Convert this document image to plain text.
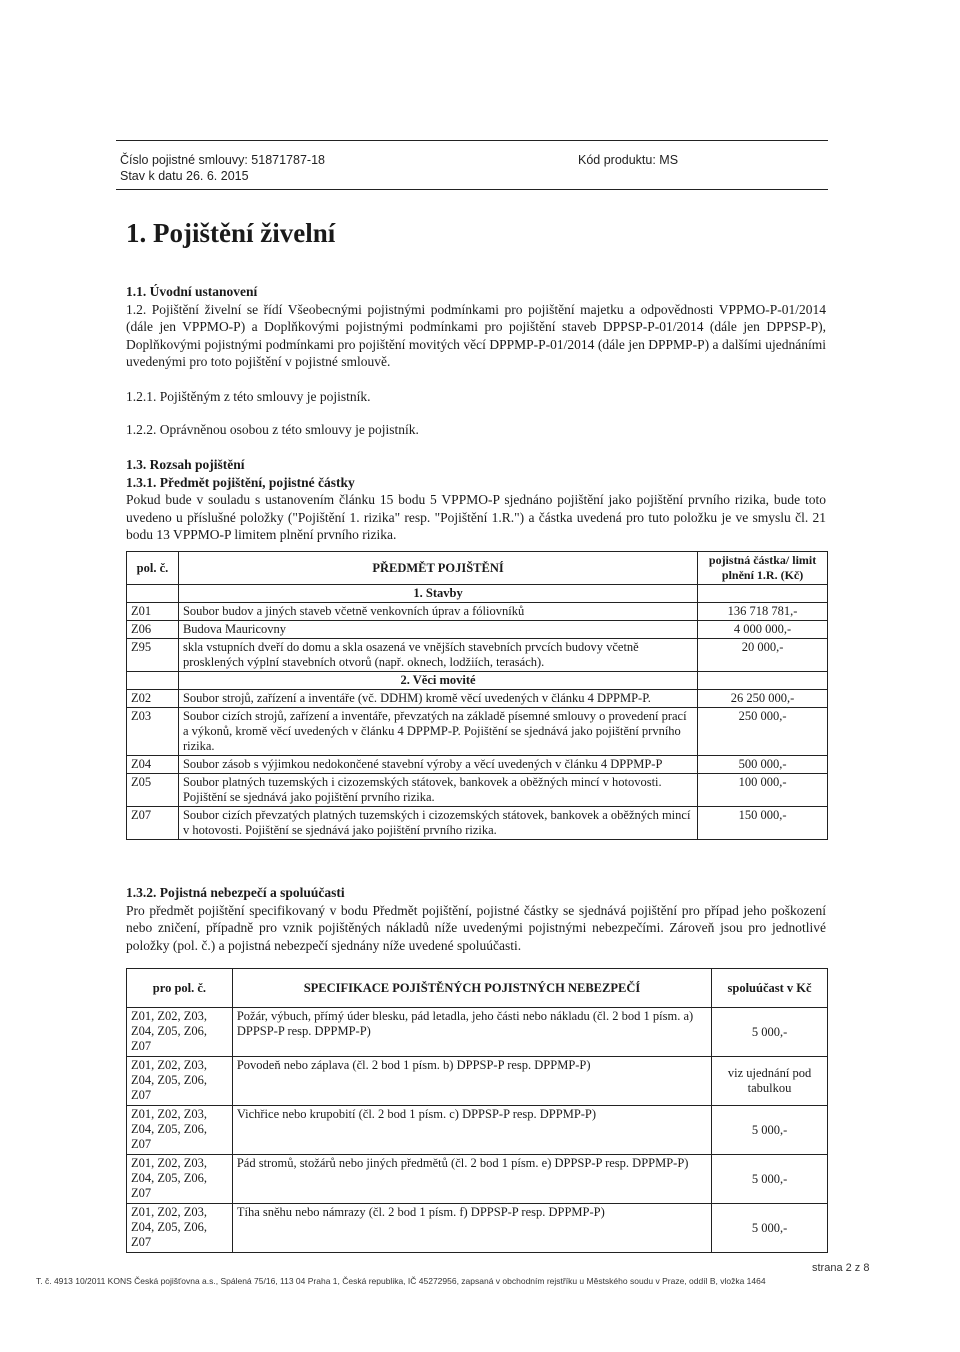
Číslo pojistné smlouvy: 51871787-18
Stav k datu 26. 6. 2015
Kód produktu: MS
1. Pojištění živelní

1.1. Úvodní ustanovení

1.2. Pojištění živelní se řídí Všeobecnými pojistnými podmínkami pro pojištění majetku a odpovědnosti VPPMO-P-01/2014 (dále jen VPPMO-P) a Doplňkovými pojistnými podmínkami pro pojištění staveb DPPSP-P-01/2014 (dále jen DPPSP-P), Doplňkovými pojistnými podmínkami pro pojištění movitých věcí DPPMP-P-01/2014 (dále jen DPPMP-P) a dalšími ujednáními uvedenými pro toto pojištění v pojistné smlouvě.

1.2.1. Pojištěným z této smlouvy je pojistník.

1.2.2. Oprávněnou osobou z této smlouvy je pojistník.

1.3. Rozsah pojištění

1.3.1. Předmět pojištění, pojistné částky

Pokud bude v souladu s ustanovením článku 15 bodu 5 VPPMO-P sjednáno pojištění jako pojištění prvního rizika, bude toto uvedeno u příslušné položky ("Pojištění 1. rizika" resp. "Pojištění 1.R.") a částka uvedená pro tuto položku je ve smyslu čl. 21 bodu 13 VPPMO-P limitem plnění prvního rizika.

pol. č.	PŘEDMĚT POJIŠTĚNÍ	pojistná částka/ limit plnění 1.R. (Kč)
	1. Stavby	
Z01	Soubor budov a jiných staveb včetně venkovních úprav a fóliovníků	136 718 781,-
Z06	Budova Mauricovny	4 000 000,-
Z95	skla vstupních dveří do domu a skla osazená ve vnějších stavebních prvcích budovy včetně prosklených výplní stavebních otvorů (např. oknech, lodžiích, terasách).	20 000,-
	2. Věci movité	
Z02	Soubor strojů, zařízení a inventáře (vč. DDHM) kromě věcí uvedených v článku 4 DPPMP-P.	26 250 000,-
Z03	Soubor cizích strojů, zařízení a inventáře, převzatých na základě písemné smlouvy o provedení prací a výkonů, kromě věcí uvedených v článku 4 DPPMP-P. Pojištění se sjednává jako pojištění prvního rizika.	250 000,-
Z04	Soubor zásob s výjimkou nedokončené stavební výroby a věcí uvedených v článku 4 DPPMP-P	500 000,-
Z05	Soubor platných tuzemských i cizozemských státovek, bankovek a oběžných mincí v hotovosti. Pojištění se sjednává jako pojištění prvního rizika.	100 000,-
Z07	Soubor cizích převzatých platných tuzemských i cizozemských státovek, bankovek a oběžných mincí v hotovosti. Pojištění se sjednává jako pojištění prvního rizika.	150 000,-

1.3.2. Pojistná nebezpečí a spoluúčasti

Pro předmět pojištění specifikovaný v bodu Předmět pojištění, pojistné částky se sjednává pojištění pro případ jeho poškození nebo zničení, případně pro vznik pojištěných nákladů níže uvedenými pojistnými nebezpečími. Zároveň jsou pro jednotlivé položky (pol. č.) a pojistná nebezpečí sjednány níže uvedené spoluúčasti.

pro pol. č.	SPECIFIKACE POJIŠTĚNÝCH POJISTNÝCH NEBEZPEČÍ	spoluúčast v Kč
Z01, Z02, Z03, Z04, Z05, Z06, Z07	Požár, výbuch, přímý úder blesku, pád letadla, jeho části nebo nákladu (čl. 2 bod 1 písm. a) DPPSP-P resp. DPPMP-P)	5 000,-
Z01, Z02, Z03, Z04, Z05, Z06, Z07	Povodeň nebo záplava (čl. 2 bod 1 písm. b) DPPSP-P resp. DPPMP-P)	viz ujednání pod tabulkou
Z01, Z02, Z03, Z04, Z05, Z06, Z07	Vichřice nebo krupobití (čl. 2 bod 1 písm. c) DPPSP-P resp. DPPMP-P)	5 000,-
Z01, Z02, Z03, Z04, Z05, Z06, Z07	Pád stromů, stožárů nebo jiných předmětů (čl. 2 bod 1 písm. e) DPPSP-P resp. DPPMP-P)	5 000,-
Z01, Z02, Z03, Z04, Z05, Z06, Z07	Tíha sněhu nebo námrazy (čl. 2 bod 1 písm. f) DPPSP-P resp. DPPMP-P)	5 000,-
strana 2 z 8
T. č. 4913 10/2011 KONS Česká pojišťovna a.s., Spálená 75/16, 113 04 Praha 1, Česká republika, IČ 45272956, zapsaná v obchodním rejstříku u Městského soudu v Praze, oddíl B, vložka 1464
